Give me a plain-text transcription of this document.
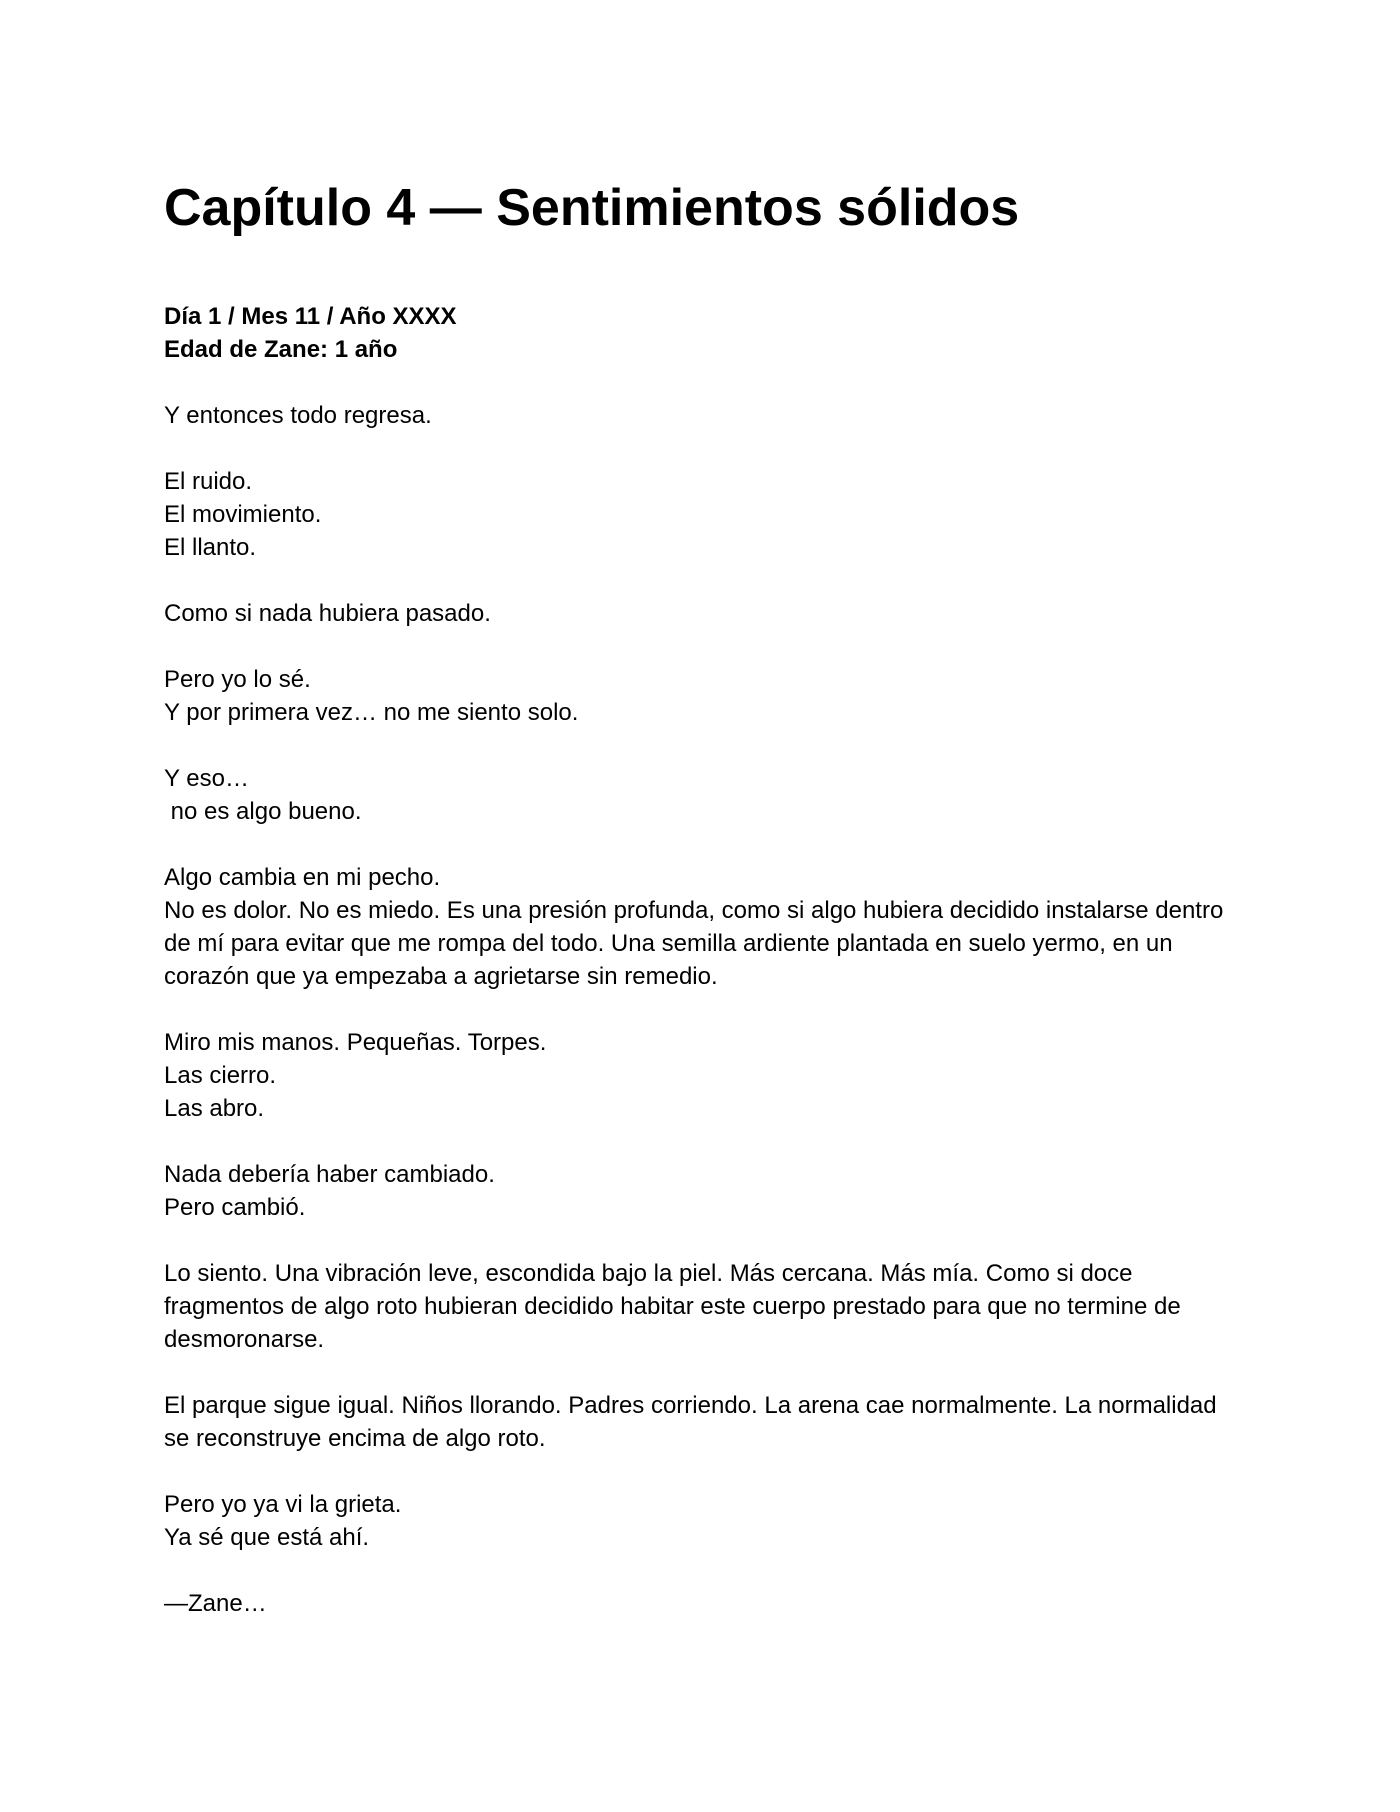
Capítulo 4 — Sentimientos sólidos
Día 1 / Mes 11 / Año XXXX
Edad de Zane: 1 año
Y entonces todo regresa.
El ruido.
El movimiento.
El llanto.
Como si nada hubiera pasado.
Pero yo lo sé.
Y por primera vez… no me siento solo.
Y eso…
no es algo bueno.
Algo cambia en mi pecho.
No es dolor. No es miedo. Es una presión profunda, como si algo hubiera decidido instalarse dentro de mí para evitar que me rompa del todo. Una semilla ardiente plantada en suelo yermo, en un corazón que ya empezaba a agrietarse sin remedio.
Miro mis manos. Pequeñas. Torpes.
Las cierro.
Las abro.
Nada debería haber cambiado.
Pero cambió.
Lo siento. Una vibración leve, escondida bajo la piel. Más cercana. Más mía. Como si doce fragmentos de algo roto hubieran decidido habitar este cuerpo prestado para que no termine de desmoronarse.
El parque sigue igual. Niños llorando. Padres corriendo. La arena cae normalmente. La normalidad se reconstruye encima de algo roto.
Pero yo ya vi la grieta.
Ya sé que está ahí.
—Zane…
